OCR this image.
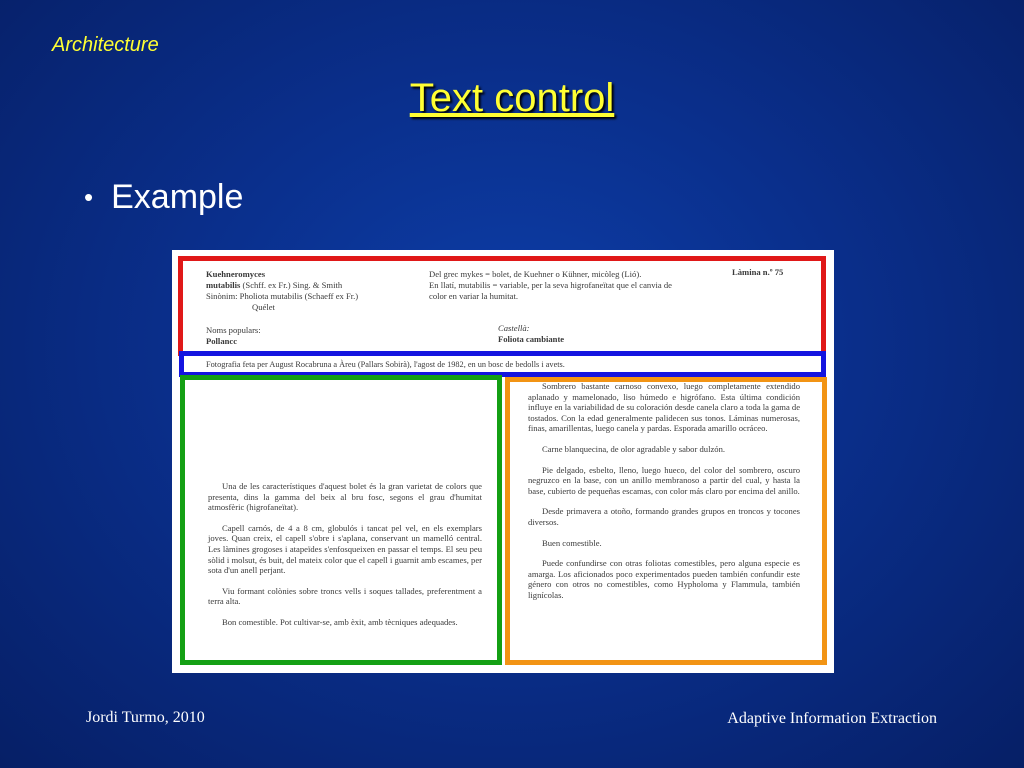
Architecture
Text control
• Example
Kuehneromyces
mutabilis (Schff. ex Fr.) Sing. & Smith
Sinònim: Pholiota mutabilis (Schaeff ex Fr.)
Quélet
Del grec mykes = bolet, de Kuehner o Kühner, micòleg (Lió).
En llatí, mutabilis = variable, per la seva higrofaneïtat que el canvia de
color en variar la humitat.
Làmina n.º 75
Noms populars:
Pollancc
Castellà:
Foliota cambiante
Fotografia feta per August Rocabruna a Àreu (Pallars Sobirà), l'agost de 1982, en un bosc de bedolls i avets.

Una de les característiques d'aquest bolet és la gran varietat de colors que presenta, dins la gamma del beix al bru fosc, segons el grau d'humitat atmosfèric (higrofaneïtat).

Capell carnós, de 4 a 8 cm, globulós i tancat pel vel, en els exemplars joves. Quan creix, el capell s'obre i s'aplana, conservant un mamelló central. Les làmines grogoses i atapeïdes s'enfosqueixen en passar el temps. El seu peu sòlid i molsut, és buit, del mateix color que el capell i guarnit amb escames, per sota d'un anell perjant.

Viu formant colònies sobre troncs vells i soques tallades, preferentment a terra alta.

Bon comestible. Pot cultivar-se, amb èxit, amb tècniques adequades.

Sombrero bastante carnoso convexo, luego completamente extendido aplanado y mamelonado, liso húmedo e higrófano. Esta última condición influye en la variabilidad de su coloración desde canela claro a toda la gama de tostados. Con la edad generalmente palidecen sus tonos. Láminas numerosas, finas, amarillentas, luego canela y pardas. Esporada amarillo ocráceo.

Carne blanquecina, de olor agradable y sabor dulzón.

Pie delgado, esbelto, lleno, luego hueco, del color del sombrero, oscuro negruzco en la base, con un anillo membranoso a partir del cual, y hasta la base, cubierto de pequeñas escamas, con color más claro por encima del anillo.

Desde primavera a otoño, formando grandes grupos en troncos y tocones diversos.

Buen comestible.

Puede confundirse con otras foliotas comestibles, pero alguna especie es amarga. Los aficionados poco experimentados pueden también confundir este género con otros no comestibles, como Hypholoma y Flammula, también lignícolas.

Jordi Turmo, 2010	Adaptive Information Extraction
